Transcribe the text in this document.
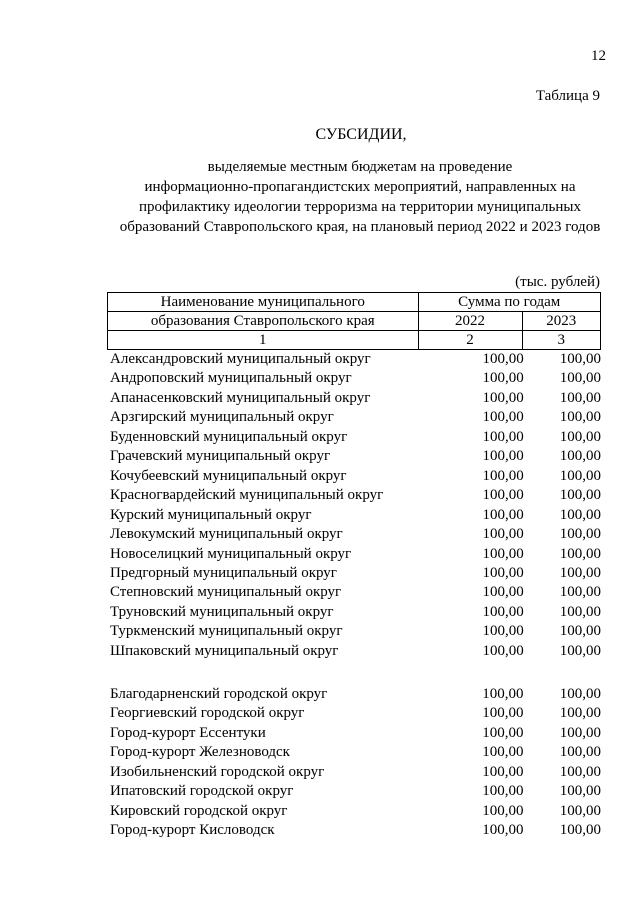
12
Таблица 9
СУБСИДИИ,
выделяемые местным бюджетам на проведение
информационно-пропагандистских мероприятий, направленных на
профилактику идеологии терроризма на территории муниципальных
образований Ставропольского края, на плановый период 2022 и 2023 годов
(тыс. рублей)
Наименование муниципального	Сумма по годам	
образования Ставропольского края	2022	2023
1	2	3
Александровский муниципальный округ	100,00	100,00
Андроповский муниципальный округ	100,00	100,00
Апанасенковский муниципальный округ	100,00	100,00
Арзгирский муниципальный округ	100,00	100,00
Буденновский муниципальный округ	100,00	100,00
Грачевский муниципальный округ	100,00	100,00
Кочубеевский муниципальный округ	100,00	100,00
Красногвардейский муниципальный округ	100,00	100,00
Курский муниципальный округ	100,00	100,00
Левокумский муниципальный округ	100,00	100,00
Новоселицкий муниципальный округ	100,00	100,00
Предгорный муниципальный округ	100,00	100,00
Степновский муниципальный округ	100,00	100,00
Труновский муниципальный округ	100,00	100,00
Туркменский муниципальный округ	100,00	100,00
Шпаковский муниципальный округ	100,00	100,00
Благодарненский городской округ	100,00	100,00
Георгиевский городской округ	100,00	100,00
Город-курорт Ессентуки	100,00	100,00
Город-курорт Железноводск	100,00	100,00
Изобильненский городской округ	100,00	100,00
Ипатовский городской округ	100,00	100,00
Кировский городской округ	100,00	100,00
Город-курорт Кисловодск	100,00	100,00
